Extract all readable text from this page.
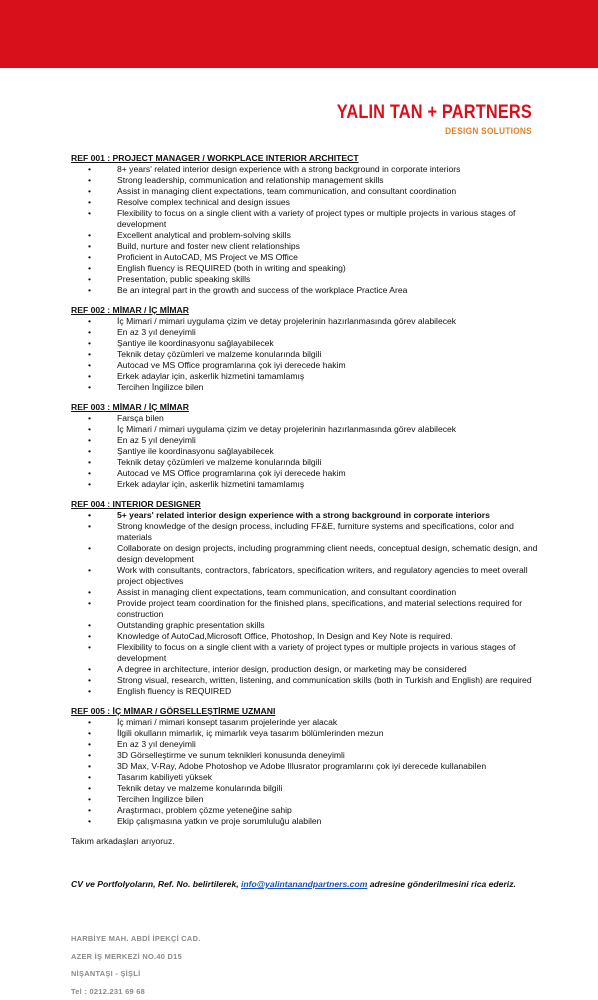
YALIN TAN + PARTNERS
DESIGN SOLUTIONS
REF 001 : PROJECT MANAGER / WORKPLACE INTERIOR ARCHITECT
• 8+ years' related interior design experience with a strong background in corporate interiors
• Strong leadership, communication and relationship management skills
• Assist in managing client expectations, team communication, and consultant coordination
• Resolve complex technical and design issues
• Flexibility to focus on a single client with a variety of project types or multiple projects in various stages of development
• Excellent analytical and problem-solving skills
• Build, nurture and foster new client relationships
• Proficient in AutoCAD, MS Project ve MS Office
• English fluency is REQUIRED (both in writing and speaking)
• Presentation, public speaking skills
• Be an integral part in the growth and success of the workplace Practice Area
REF 002 : MİMAR / İÇ MİMAR
• İç Mimari / mimari uygulama çizim ve detay projelerinin hazırlanmasında görev alabilecek
• En az 3 yıl deneyimli
• Şantiye ile koordinasyonu sağlayabilecek
• Teknik detay çözümleri ve malzeme konularında bilgili
• Autocad ve MS Office programlarına çok iyi derecede hakim
• Erkek adaylar için, askerlik hizmetini tamamlamış
• Tercihen İngilizce bilen
REF 003 : MİMAR / İÇ MİMAR
• Farsça bilen
• İç Mimari / mimari uygulama çizim ve detay projelerinin hazırlanmasında görev alabilecek
• En az 5 yıl deneyimli
• Şantiye ile koordinasyonu sağlayabilecek
• Teknik detay çözümleri ve malzeme konularında bilgili
• Autocad ve MS Office programlarına çok iyi derecede hakim
• Erkek adaylar için, askerlik hizmetini tamamlamış
REF 004 : INTERIOR DESIGNER
• 5+ years' related interior design experience with a strong background in corporate interiors
• Strong knowledge of the design process, including FF&E, furniture systems and specifications, color and materials
• Collaborate on design projects, including programming client needs, conceptual design, schematic design, and design development
• Work with consultants, contractors, fabricators, specification writers, and regulatory agencies to meet overall project objectives
• Assist in managing client expectations, team communication, and consultant coordination
• Provide project team coordination for the finished plans, specifications, and material selections required for construction
• Outstanding graphic presentation skills
• Knowledge of AutoCad,Microsoft Office, Photoshop, In Design and Key Note is required.
• Flexibility to focus on a single client with a variety of project types or multiple projects in various stages of development
• A degree in architecture, interior design, production design, or marketing may be considered
• Strong visual, research, written, listening, and communication skills (both in Turkish and English) are required
• English fluency is REQUIRED
REF 005 : İÇ MİMAR / GÖRSELLEŞTİRME UZMANI
• İç mimari / mimari konsept tasarım projelerinde yer alacak
• İlgili okulların mimarlık, iç mimarlık veya tasarım bölümlerinden mezun
• En az 3 yıl deneyimli
• 3D Görselleştirme ve sunum teknikleri konusunda deneyimli
• 3D Max, V-Ray, Adobe Photoshop ve Adobe Illusrator programlarını çok iyi derecede kullanabilen
• Tasarım kabiliyeti yüksek
• Teknik detay ve malzeme konularında bilgili
• Tercihen İngilizce bilen
• Araştırmacı, problem çözme yeteneğine sahip
• Ekip çalışmasına yatkın ve proje sorumluluğu alabilen
Takım arkadaşları arıyoruz.
CV ve Portfolyoların, Ref. No. belirtilerek, info@yalintanandpartners.com adresine gönderilmesini rica ederiz.
HARBİYE MAH. ABDİ İPEKÇİ CAD.
AZER İŞ MERKEZİ NO.40 D15
NİŞANTAŞI - ŞİŞLİ
Tel : 0212.231 69 68
